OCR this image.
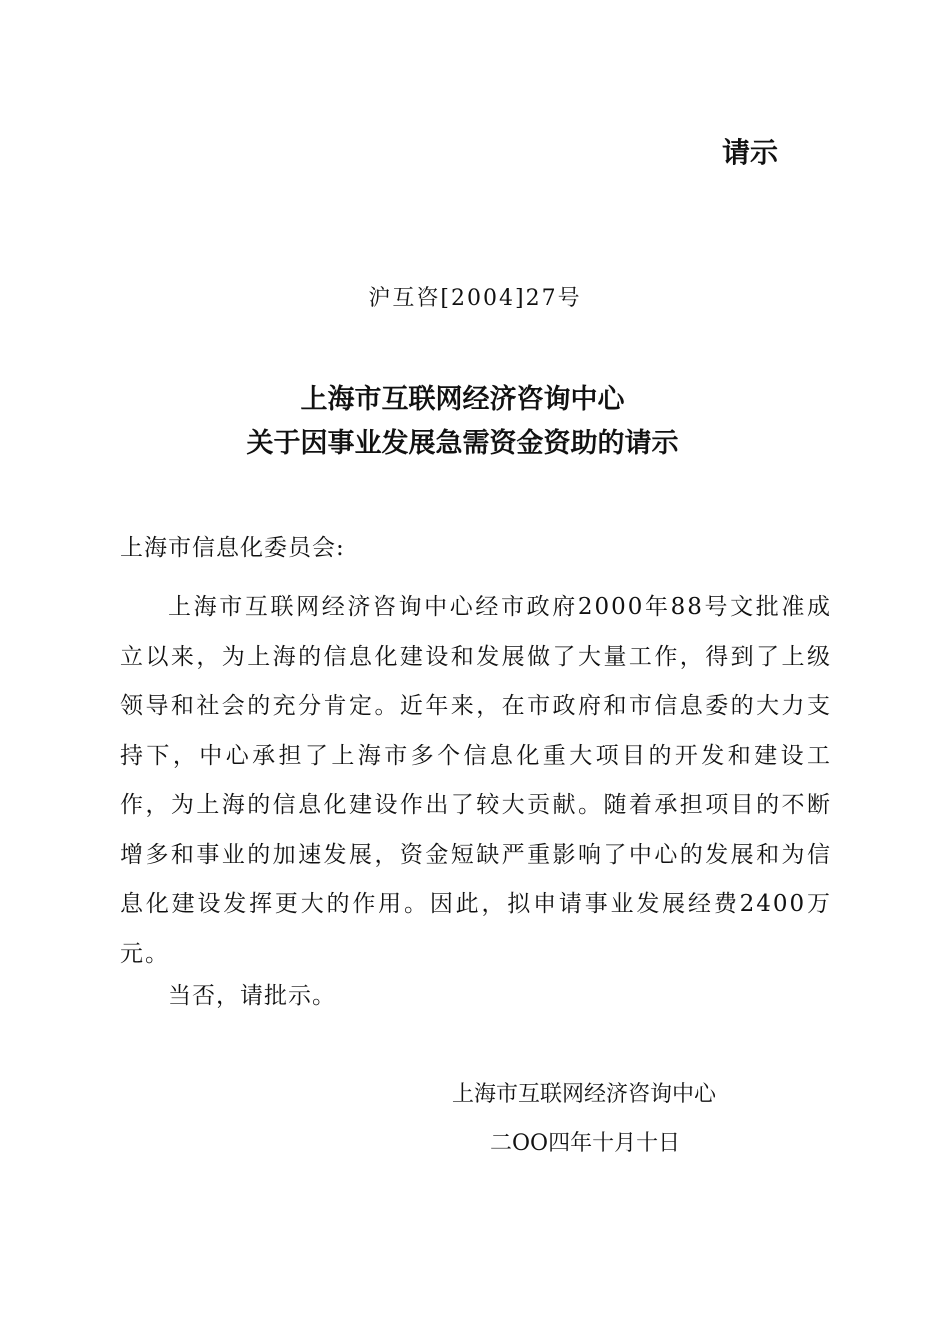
请示
沪互咨[2004]27号
上海市互联网经济咨询中心
关于因事业发展急需资金资助的请示
上海市信息化委员会:

上海市互联网经济咨询中心经市政府2000年88号文批准成立以来，为上海的信息化建设和发展做了大量工作，得到了上级领导和社会的充分肯定。近年来，在市政府和市信息委的大力支持下，中心承担了上海市多个信息化重大项目的开发和建设工作，为上海的信息化建设作出了较大贡献。随着承担项目的不断增多和事业的加速发展，资金短缺严重影响了中心的发展和为信息化建设发挥更大的作用。因此，拟申请事业发展经费2400万元。

当否，请批示。
上海市互联网经济咨询中心
二OO四年十月十日
